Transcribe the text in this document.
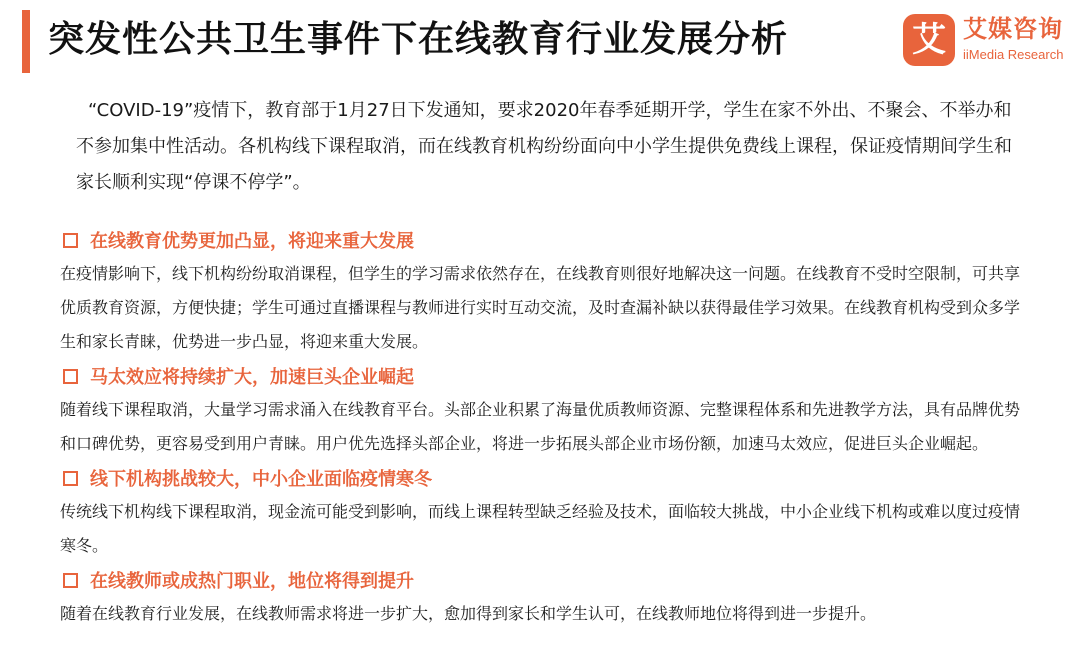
突发性公共卫生事件下在线教育行业发展分析	艾 艾媒咨询
iiMedia Research
“COVID-19”疫情下，教育部于1月27日下发通知，要求2020年春季延期开学，学生在家不外出、不聚会、不举办和不参加集中性活动。各机构线下课程取消，而在线教育机构纷纷面向中小学生提供免费线上课程，保证疫情期间学生和家长顺利实现“停课不停学”。
在线教育优势更加凸显，将迎来重大发展
在疫情影响下，线下机构纷纷取消课程，但学生的学习需求依然存在，在线教育则很好地解决这一问题。在线教育不受时空限制，可共享优质教育资源，方便快捷；学生可通过直播课程与教师进行实时互动交流，及时查漏补缺以获得最佳学习效果。在线教育机构受到众多学生和家长青睐，优势进一步凸显，将迎来重大发展。
马太效应将持续扩大，加速巨头企业崛起
随着线下课程取消，大量学习需求涌入在线教育平台。头部企业积累了海量优质教师资源、完整课程体系和先进教学方法，具有品牌优势和口碑优势，更容易受到用户青睐。用户优先选择头部企业，将进一步拓展头部企业市场份额，加速马太效应，促进巨头企业崛起。
线下机构挑战较大，中小企业面临疫情寒冬
传统线下机构线下课程取消，现金流可能受到影响，而线上课程转型缺乏经验及技术，面临较大挑战，中小企业线下机构或难以度过疫情寒冬。
在线教师或成热门职业，地位将得到提升
随着在线教育行业发展，在线教师需求将进一步扩大，愈加得到家长和学生认可，在线教师地位将得到进一步提升。
